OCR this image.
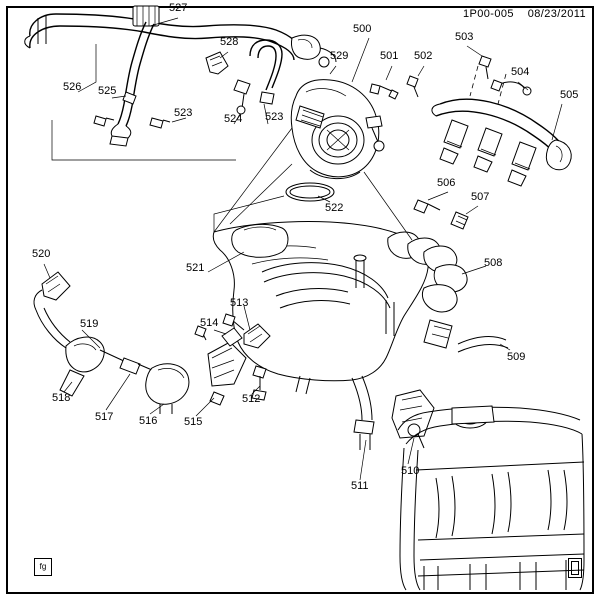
1P00-005 08/23/2011
500
501 502
503
504
505
506
507
508
509
510
511
512
513
514
515
516
517
518
519
520
521
522
523	523
524
525
526
527
528
529
fg
